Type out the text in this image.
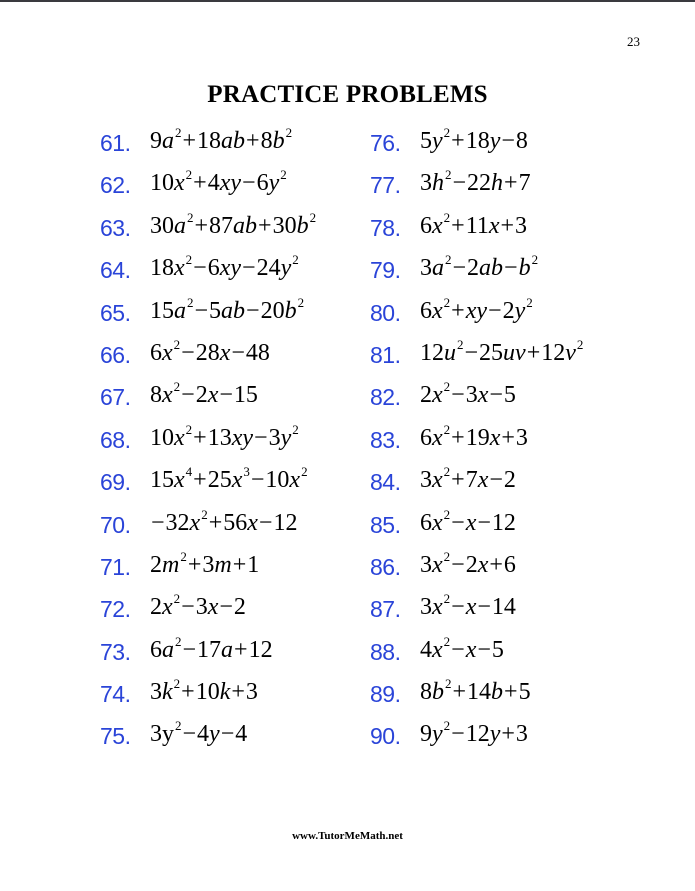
23
PRACTICE PROBLEMS
61. $9a^2+18ab+8b^2$
62. $10x^2+4xy-6y^2$
63. $30a^2+87ab+30b^2$
64. $18x^2-6xy-24y^2$
65. $15a^2-5ab-20b^2$
66. $6x^2-28x-48$
67. $8x^2-2x-15$
68. $10x^2+13xy-3y^2$
69. $15x^4+25x^3-10x^2$
70. $-32x^2+56x-12$
71. $2m^2+3m+1$
72. $2x^2-3x-2$
73. $6a^2-17a+12$
74. $3k^2+10k+3$
75. $3y^2-4y-4$
76. $5y^2+18y-8$
77. $3h^2-22h+7$
78. $6x^2+11x+3$
79. $3a^2-2ab-b^2$
80. $6x^2+xy-2y^2$
81. $12u^2-25uv+12v^2$
82. $2x^2-3x-5$
83. $6x^2+19x+3$
84. $3x^2+7x-2$
85. $6x^2-x-12$
86. $3x^2-2x+6$
87. $3x^2-x-14$
88. $4x^2-x-5$
89. $8b^2+14b+5$
90. $9y^2-12y+3$
www.TutorMeMath.net
